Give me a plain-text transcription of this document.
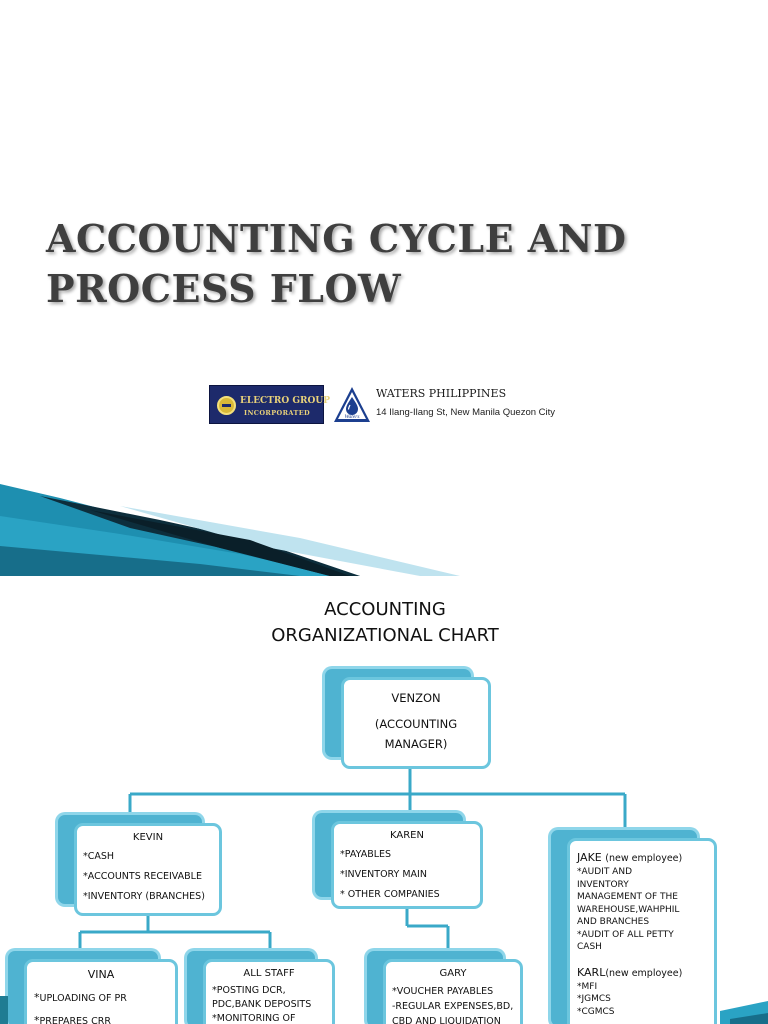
ACCOUNTING CYCLE AND
PROCESS FLOW
ELECTRO GROUP
INCORPORATED	Waters
WATERS PHILIPPINES
14 Ilang-Ilang St, New Manila Quezon City
ACCOUNTING
ORGANIZATIONAL CHART
VENZON
(ACCOUNTING
MANAGER)
KEVIN
*CASH
*ACCOUNTS RECEIVABLE
*INVENTORY (BRANCHES)
KAREN
*PAYABLES
*INVENTORY MAIN
* OTHER COMPANIES
JAKE (new employee)
*AUDIT AND
INVENTORY
MANAGEMENT OF THE
WAREHOUSE,WAHPHIL
AND BRANCHES
*AUDIT OF ALL PETTY
CASH
KARL(new employee)
*MFI
*JGMCS
*CGMCS
VINA
*UPLOADING OF PR
*PREPARES CRR
ALL STAFF
*POSTING DCR,
PDC,BANK DEPOSITS
*MONITORING OF
GARY
*VOUCHER PAYABLES
-REGULAR EXPENSES,BD,
CBD AND LIQUIDATION
